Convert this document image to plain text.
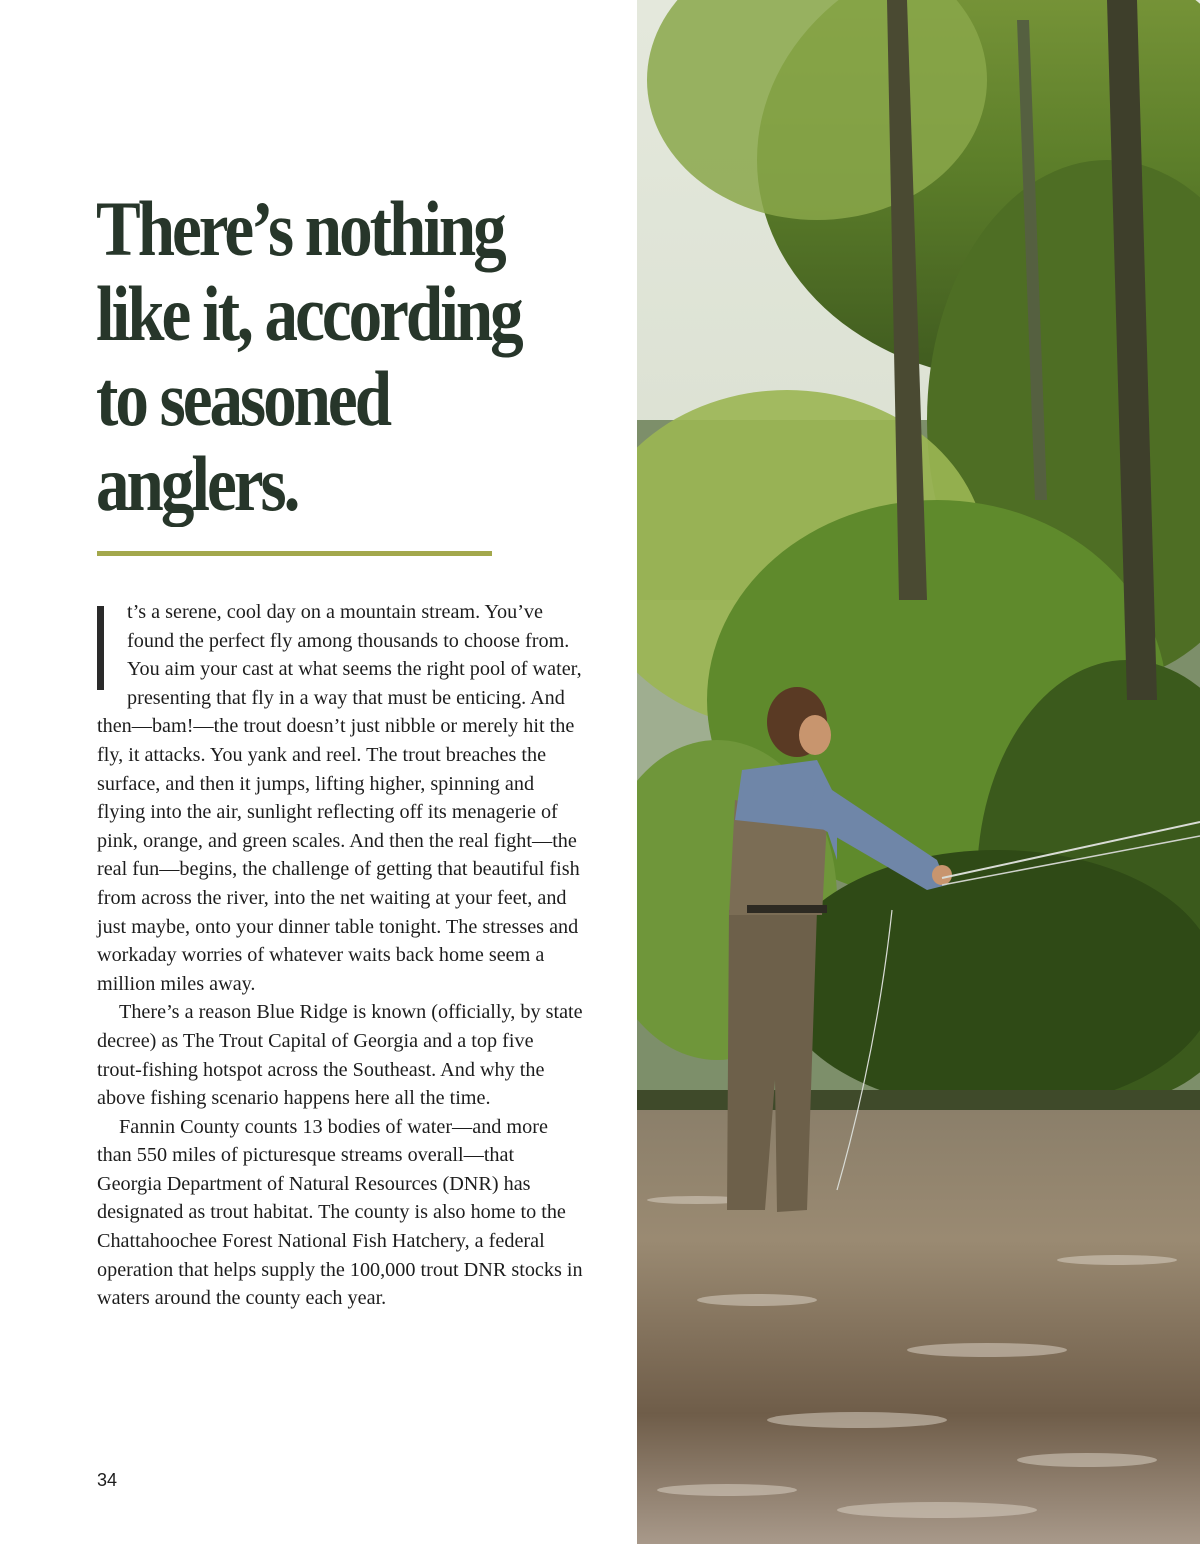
There’s nothing like it, according to seasoned anglers.

t’s a serene, cool day on a mountain stream. You’ve found the perfect fly among thousands to choose from. You aim your cast at what seems the right pool of water, presenting that fly in a way that must be enticing. And then—bam!—the trout doesn’t just nibble or merely hit the fly, it attacks. You yank and reel. The trout breaches the surface, and then it jumps, lifting higher, spinning and flying into the air, sunlight reflecting off its menagerie of pink, orange, and green scales. And then the real fight—the real fun—begins, the challenge of getting that beautiful fish from across the river, into the net waiting at your feet, and just maybe, onto your dinner table tonight. The stresses and workaday worries of whatever waits back home seem a million miles away.

There’s a reason Blue Ridge is known (officially, by state decree) as The Trout Capital of Georgia and a top five trout-fishing hotspot across the Southeast. And why the above fishing scenario happens here all the time.

Fannin County counts 13 bodies of water—and more than 550 miles of picturesque streams overall—that Georgia Department of Natural Resources (DNR) has designated as trout habitat. The county is also home to the Chattahoochee Forest National Fish Hatchery, a federal operation that helps supply the 100,000 trout DNR stocks in waters around the county each year.

34
